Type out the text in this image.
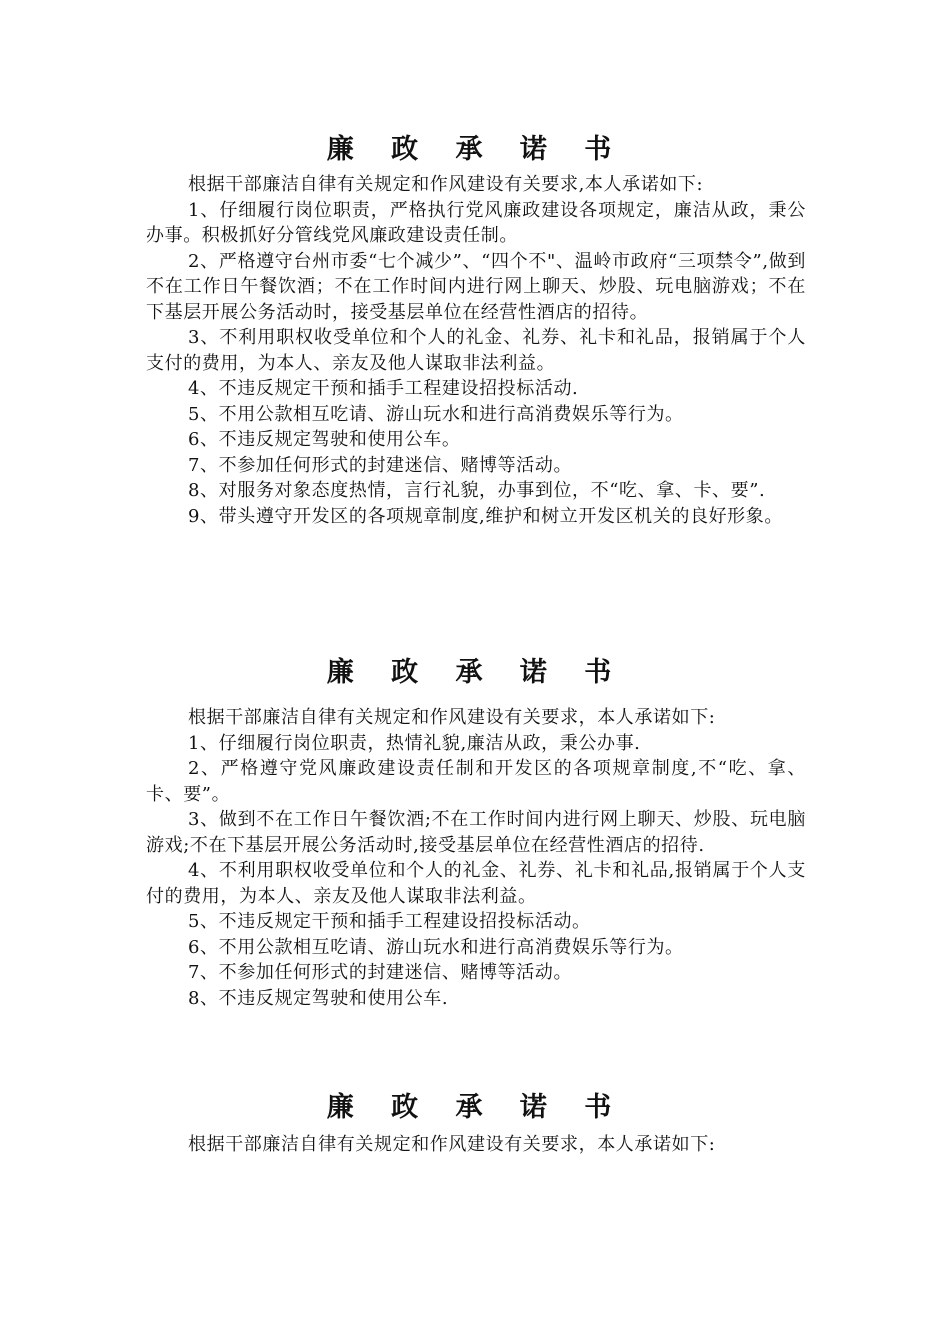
廉 政 承 诺 书

根据干部廉洁自律有关规定和作风建设有关要求,本人承诺如下:

1、仔细履行岗位职责，严格执行党风廉政建设各项规定，廉洁从政，秉公办事。积极抓好分管线党风廉政建设责任制。

2、严格遵守台州市委“七个减少”、“四个不"、温岭市政府“三项禁令”,做到不在工作日午餐饮酒；不在工作时间内进行网上聊天、炒股、玩电脑游戏；不在下基层开展公务活动时，接受基层单位在经营性酒店的招待。

3、不利用职权收受单位和个人的礼金、礼券、礼卡和礼品，报销属于个人支付的费用，为本人、亲友及他人谋取非法利益。

4、不违反规定干预和插手工程建设招投标活动.

5、不用公款相互吃请、游山玩水和进行高消费娱乐等行为。

6、不违反规定驾驶和使用公车。

7、不参加任何形式的封建迷信、赌博等活动。

8、对服务对象态度热情，言行礼貌，办事到位，不“吃、拿、卡、要”.

9、带头遵守开发区的各项规章制度,维护和树立开发区机关的良好形象。

廉 政 承 诺 书

根据干部廉洁自律有关规定和作风建设有关要求，本人承诺如下:

1、仔细履行岗位职责，热情礼貌,廉洁从政，秉公办事.

2、严格遵守党风廉政建设责任制和开发区的各项规章制度,不“吃、拿、卡、要”。

3、做到不在工作日午餐饮酒;不在工作时间内进行网上聊天、炒股、玩电脑游戏;不在下基层开展公务活动时,接受基层单位在经营性酒店的招待.

4、不利用职权收受单位和个人的礼金、礼券、礼卡和礼品,报销属于个人支付的费用，为本人、亲友及他人谋取非法利益。

5、不违反规定干预和插手工程建设招投标活动。

6、不用公款相互吃请、游山玩水和进行高消费娱乐等行为。

7、不参加任何形式的封建迷信、赌博等活动。

8、不违反规定驾驶和使用公车.

廉 政 承 诺 书

根据干部廉洁自律有关规定和作风建设有关要求，本人承诺如下:
